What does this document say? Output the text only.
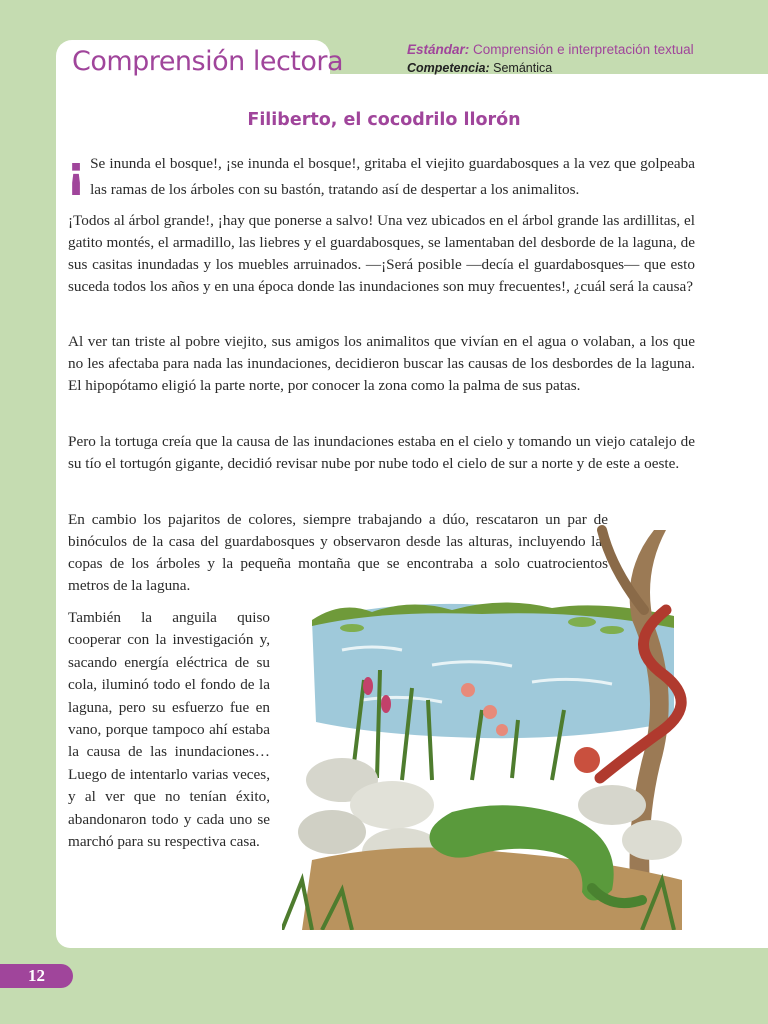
Comprensión lectora	Estándar: Comprensión e interpretación textual
Competencia: Semántica
Filiberto, el cocodrilo llorón

¡ Se inunda el bosque!, ¡se inunda el bosque!, gritaba el viejito guardabosques a la vez que golpeaba las ramas de los árboles con su bastón, tratando así de despertar a los animalitos.

¡Todos al árbol grande!, ¡hay que ponerse a salvo! Una vez ubicados en el árbol grande las ardillitas, el gatito montés, el armadillo, las liebres y el guardabosques, se lamentaban del desborde de la laguna, de sus casitas inundadas y los muebles arruinados. —¡Será posible —decía el guardabosques— que esto suceda todos los años y en una época donde las inundaciones son muy frecuentes!, ¿cuál será la causa?

Al ver tan triste al pobre viejito, sus amigos los animalitos que vivían en el agua o volaban, a los que no les afectaba para nada las inundaciones, decidieron buscar las causas de los desbordes de la laguna. El hipopótamo eligió la parte norte, por conocer la zona como la palma de sus patas.

Pero la tortuga creía que la causa de las inundaciones estaba en el cielo y tomando un viejo catalejo de su tío el tortugón gigante, decidió revisar nube por nube todo el cielo de sur a norte y de este a oeste.

En cambio los pajaritos de colores, siempre trabajando a dúo, rescataron un par de binóculos de la casa del guardabosques y observaron desde las alturas, incluyendo las copas de los árboles y la pequeña montaña que se encontraba a solo cuatrocientos metros de la laguna.

También la anguila quiso cooperar con la investigación y, sacando energía eléctrica de su cola, iluminó todo el fondo de la laguna, pero su esfuerzo fue en vano, porque tampoco ahí estaba la causa de las inundaciones… Luego de intentarlo varias veces, y al ver que no tenían éxito, abandonaron todo y cada uno se marchó para su respectiva casa.

12
